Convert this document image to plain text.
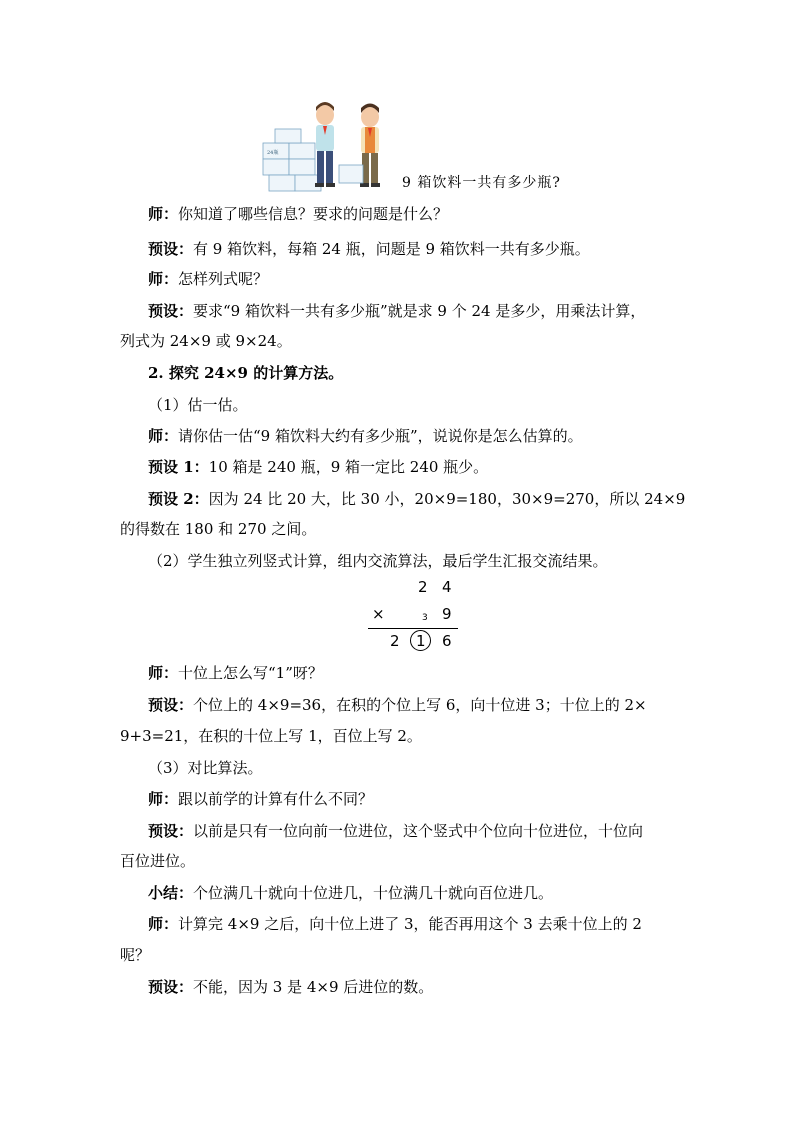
24瓶
9 箱饮料一共有多少瓶?
师：你知道了哪些信息？要求的问题是什么？
预设：有 9 箱饮料，每箱 24 瓶，问题是 9 箱饮料一共有多少瓶。
师：怎样列式呢？
预设：要求“9 箱饮料一共有多少瓶”就是求 9 个 24 是多少，用乘法计算，
列式为 24×9 或 9×24。
2. 探究 24×9 的计算方法。
（1）估一估。
师：请你估一估“9 箱饮料大约有多少瓶”，说说你是怎么估算的。
预设 1：10 箱是 240 瓶，9 箱一定比 240 瓶少。
预设 2：因为 24 比 20 大，比 30 小，20×9=180，30×9=270，所以 24×9
的得数在 180 和 270 之间。
（2）学生独立列竖式计算，组内交流算法，最后学生汇报交流结果。
2 4
×	3 9
2 1 6
师：十位上怎么写“1”呀？
预设：个位上的 4×9=36，在积的个位上写 6，向十位进 3；十位上的 2×
9+3=21，在积的十位上写 1，百位上写 2。
（3）对比算法。
师：跟以前学的计算有什么不同？
预设：以前是只有一位向前一位进位，这个竖式中个位向十位进位，十位向
百位进位。
小结：个位满几十就向十位进几，十位满几十就向百位进几。
师：计算完 4×9 之后，向十位上进了 3，能否再用这个 3 去乘十位上的 2
呢？
预设：不能，因为 3 是 4×9 后进位的数。
